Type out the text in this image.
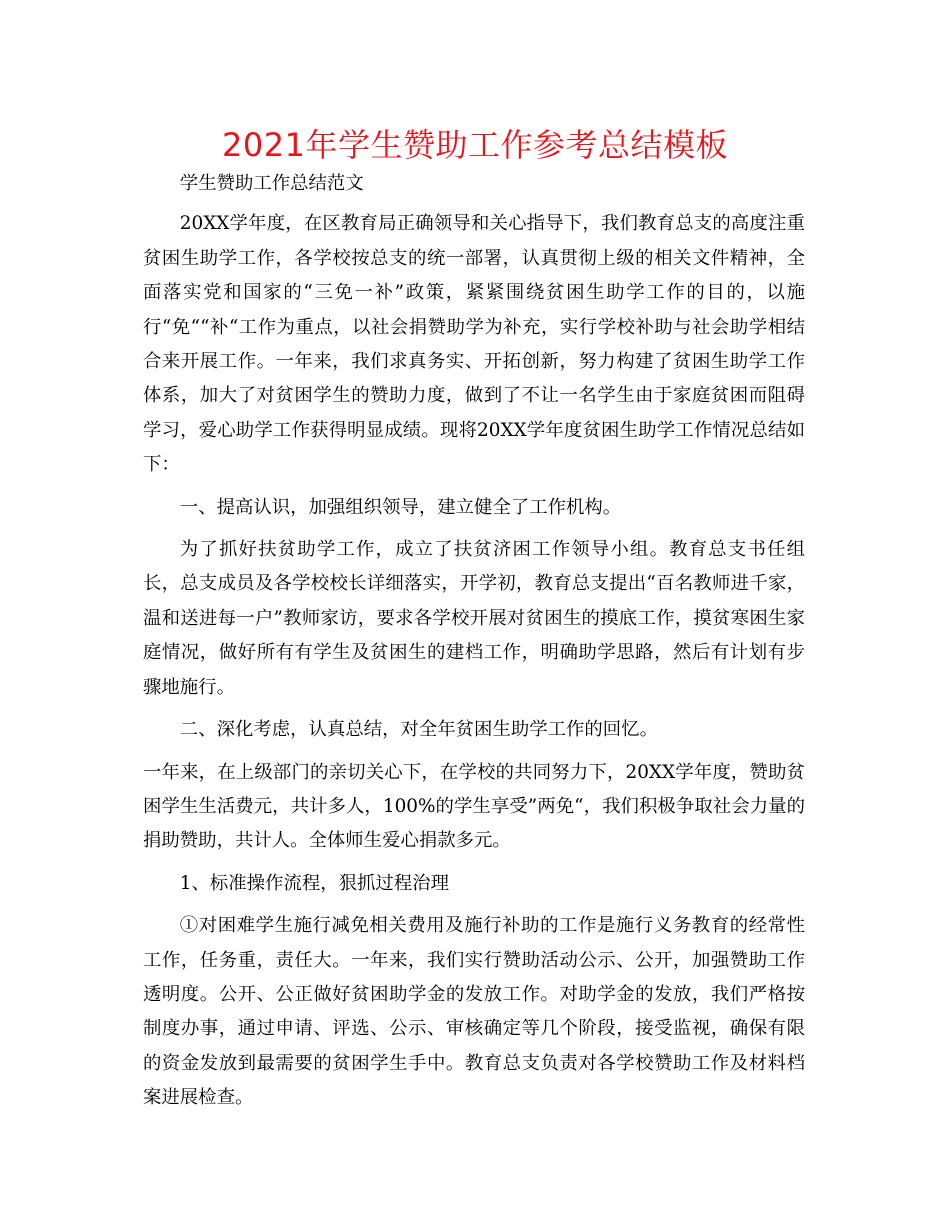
2021年学生赞助工作参考总结模板

学生赞助工作总结范文

20XX学年度，在区教育局正确领导和关心指导下，我们教育总支的高度注重贫困生助学工作，各学校按总支的统一部署，认真贯彻上级的相关文件精神，全面落实党和国家的“三免一补”政策，紧紧围绕贫困生助学工作的目的，以施行“免““补“工作为重点，以社会捐赞助学为补充，实行学校补助与社会助学相结合来开展工作。一年来，我们求真务实、开拓创新，努力构建了贫困生助学工作体系，加大了对贫困学生的赞助力度，做到了不让一名学生由于家庭贫困而阻碍学习，爱心助学工作获得明显成绩。现将20XX学年度贫困生助学工作情况总结如下：

一、提高认识，加强组织领导，建立健全了工作机构。

为了抓好扶贫助学工作，成立了扶贫济困工作领导小组。教育总支书任组长，总支成员及各学校校长详细落实，开学初，教育总支提出“百名教师进千家，温和送进每一户”教师家访，要求各学校开展对贫困生的摸底工作，摸贫寒困生家庭情况，做好所有有学生及贫困生的建档工作，明确助学思路，然后有计划有步骤地施行。

二、深化考虑，认真总结，对全年贫困生助学工作的回忆。

一年来，在上级部门的亲切关心下，在学校的共同努力下，20XX学年度，赞助贫困学生生活费元，共计多人，100%的学生享受”两免“，我们积极争取社会力量的捐助赞助，共计人。全体师生爱心捐款多元。

1、标准操作流程，狠抓过程治理

①对困难学生施行减免相关费用及施行补助的工作是施行义务教育的经常性工作，任务重，责任大。一年来，我们实行赞助活动公示、公开，加强赞助工作透明度。公开、公正做好贫困助学金的发放工作。对助学金的发放，我们严格按制度办事，通过申请、评选、公示、审核确定等几个阶段，接受监视，确保有限的资金发放到最需要的贫困学生手中。教育总支负责对各学校赞助工作及材料档案进展检查。
